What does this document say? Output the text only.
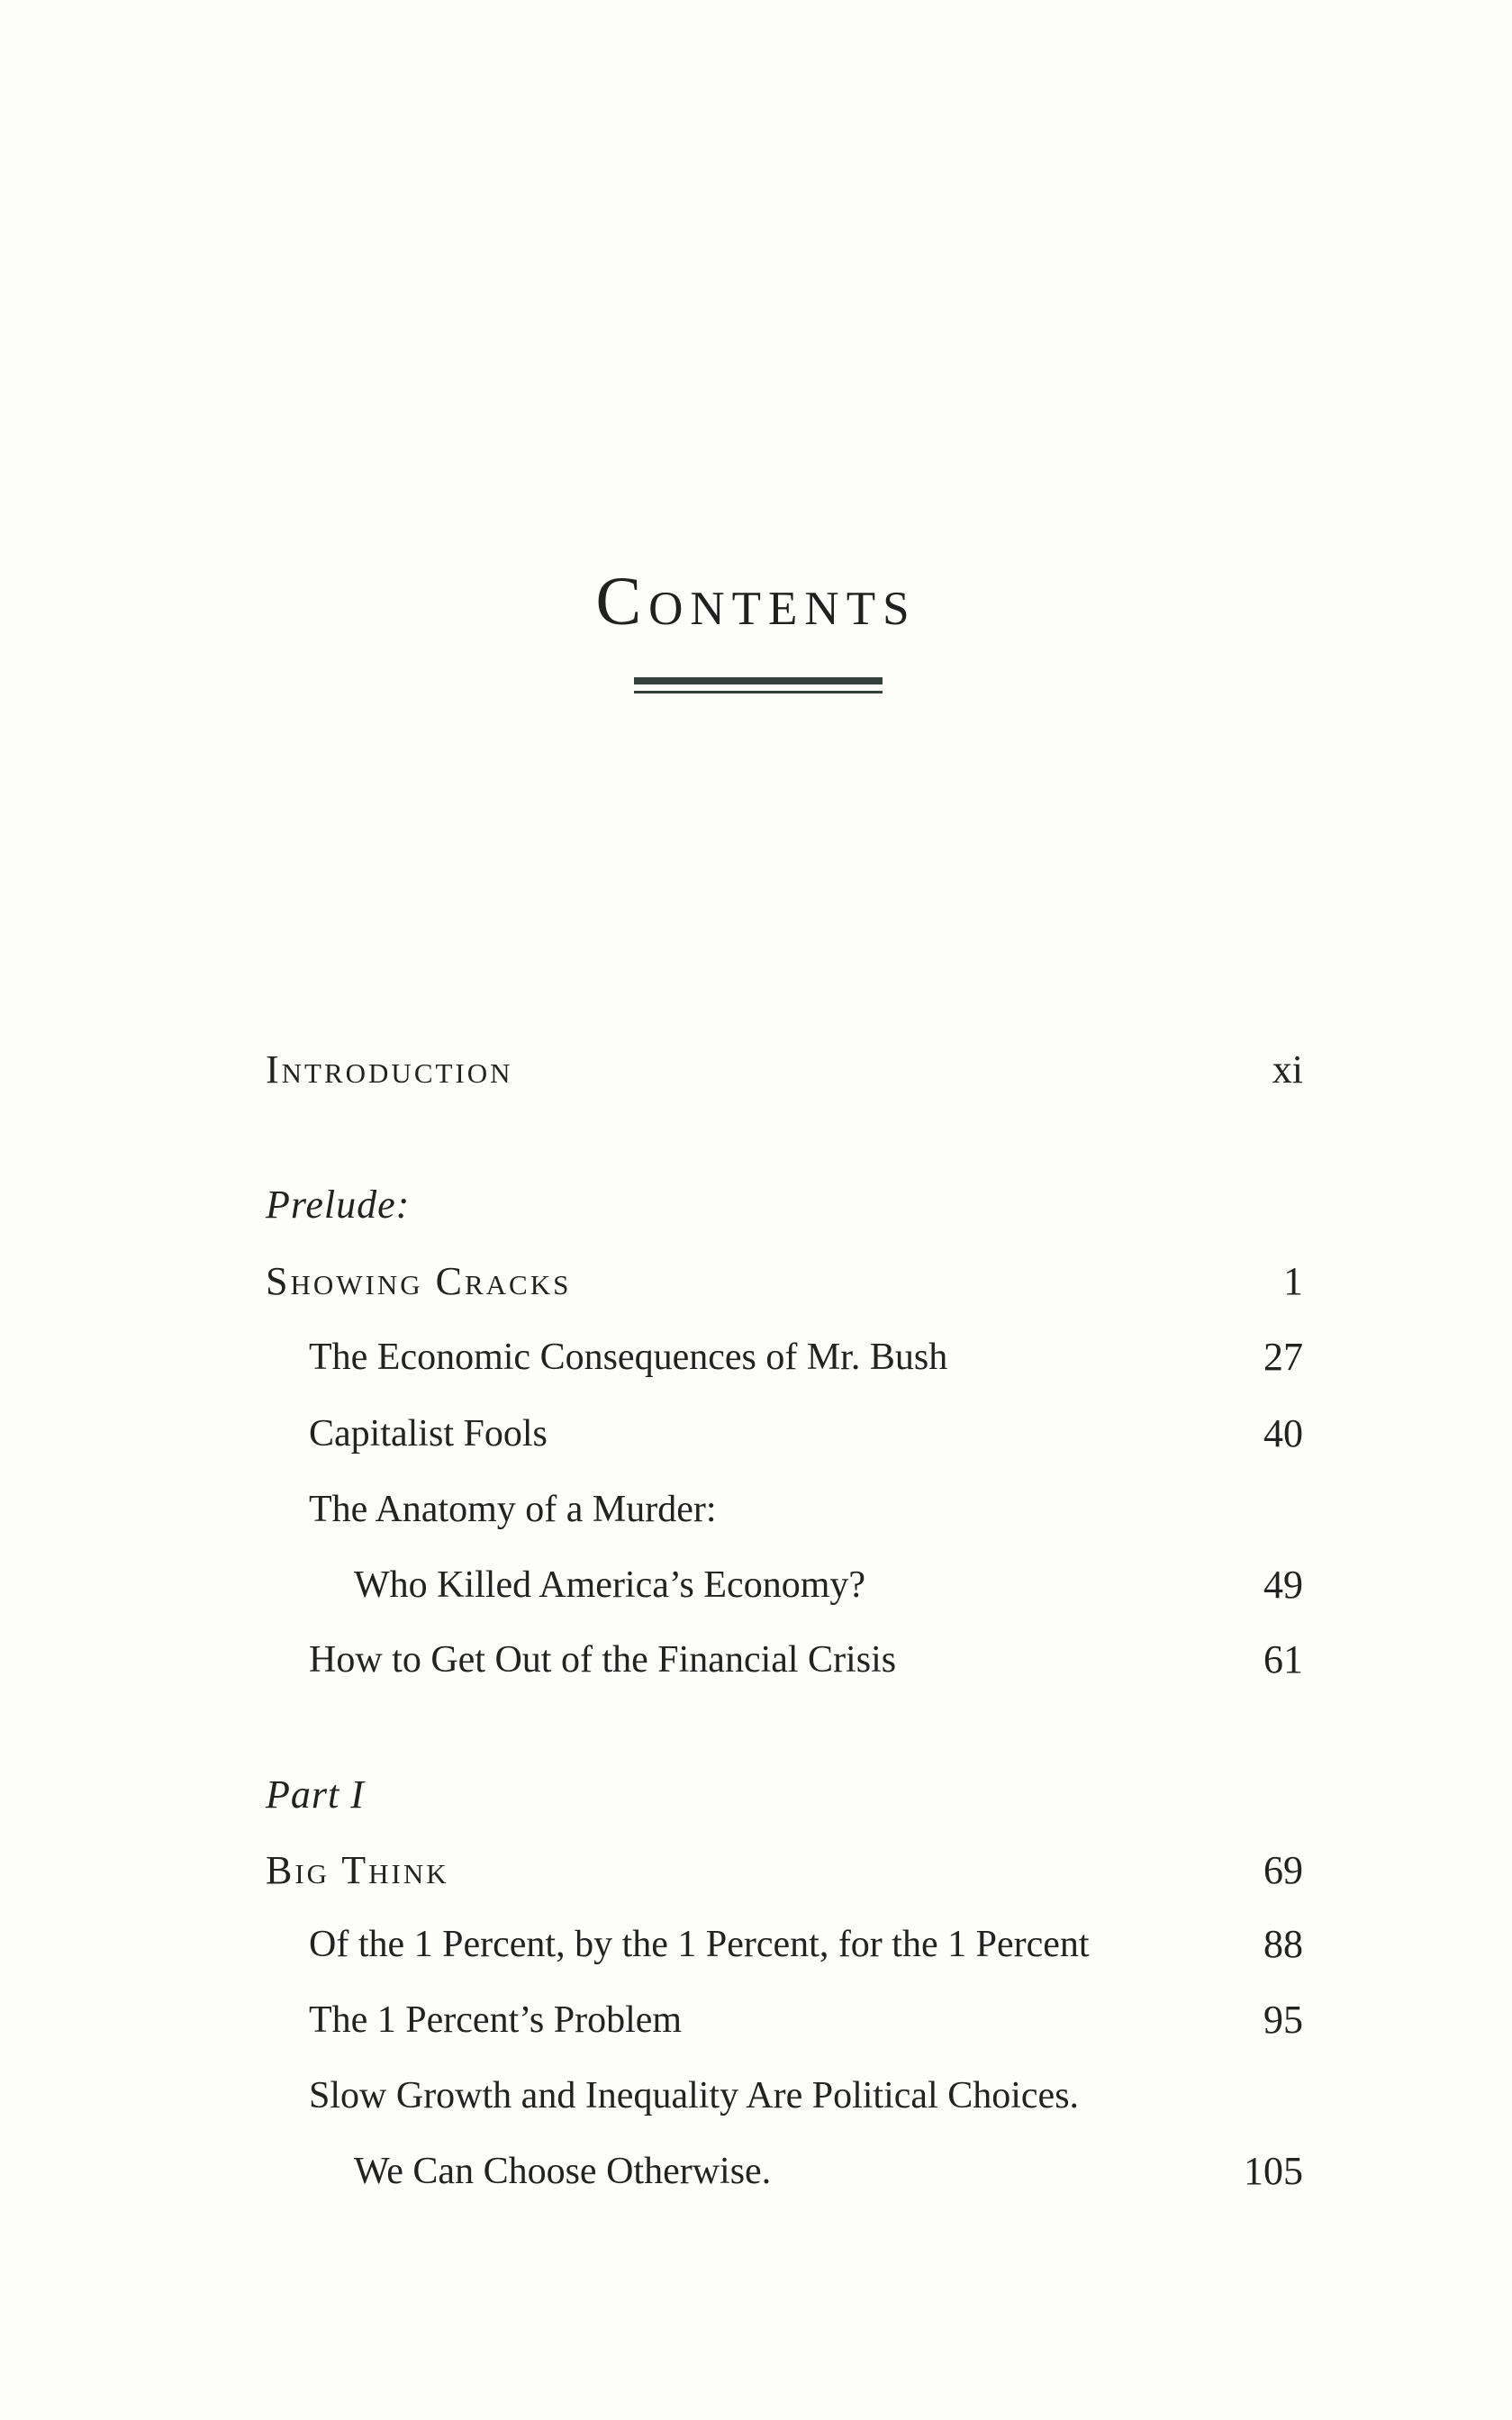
Contents
Introduction	xi
Prelude:
Showing Cracks	1
The Economic Consequences of Mr. Bush	27
Capitalist Fools	40
The Anatomy of a Murder:
Who Killed America’s Economy?	49
How to Get Out of the Financial Crisis	61
Part I
Big Think	69
Of the 1 Percent, by the 1 Percent, for the 1 Percent	88
The 1 Percent’s Problem	95
Slow Growth and Inequality Are Political Choices.
We Can Choose Otherwise.	105
